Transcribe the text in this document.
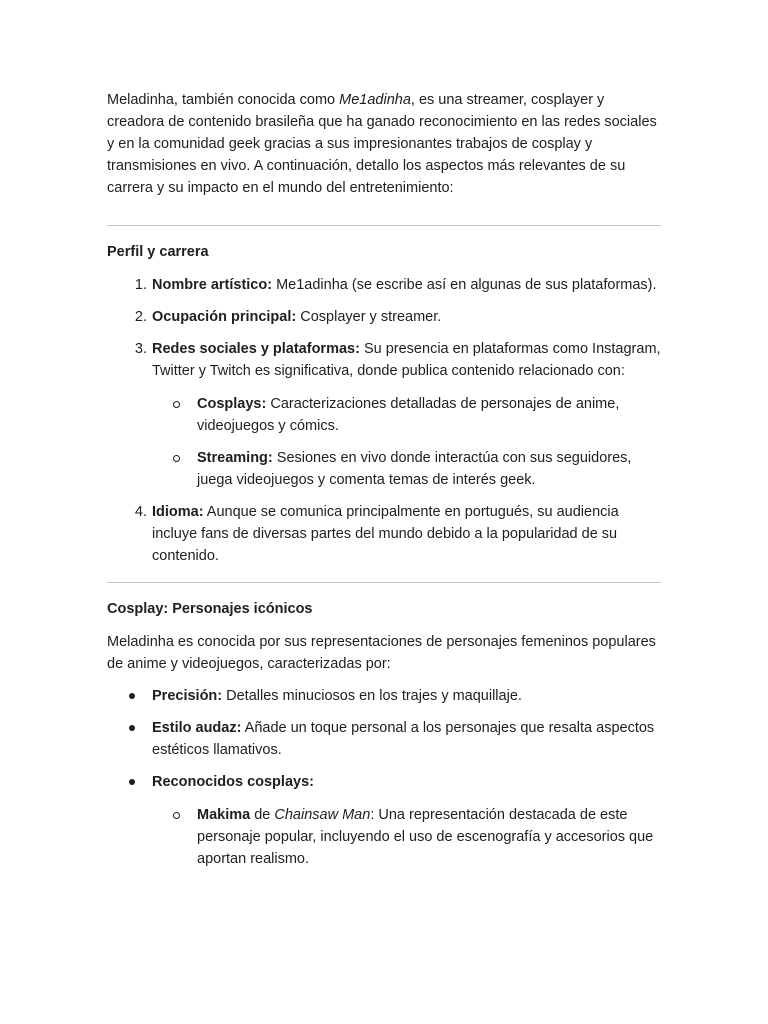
Meladinha, también conocida como Me1adinha, es una streamer, cosplayer y creadora de contenido brasileña que ha ganado reconocimiento en las redes sociales y en la comunidad geek gracias a sus impresionantes trabajos de cosplay y transmisiones en vivo. A continuación, detallo los aspectos más relevantes de su carrera y su impacto en el mundo del entretenimiento:

Perfil y carrera
1. Nombre artístico: Me1adinha (se escribe así en algunas de sus plataformas).
2. Ocupación principal: Cosplayer y streamer.
3. Redes sociales y plataformas: Su presencia en plataformas como Instagram, Twitter y Twitch es significativa, donde publica contenido relacionado con:
Cosplays: Caracterizaciones detalladas de personajes de anime, videojuegos y cómics.
Streaming: Sesiones en vivo donde interactúa con sus seguidores, juega videojuegos y comenta temas de interés geek.
4. Idioma: Aunque se comunica principalmente en portugués, su audiencia incluye fans de diversas partes del mundo debido a la popularidad de su contenido.
Cosplay: Personajes icónicos

Meladinha es conocida por sus representaciones de personajes femeninos populares de anime y videojuegos, caracterizadas por:

Precisión: Detalles minuciosos en los trajes y maquillaje.
Estilo audaz: Añade un toque personal a los personajes que resalta aspectos estéticos llamativos.
Reconocidos cosplays:
Makima de Chainsaw Man: Una representación destacada de este personaje popular, incluyendo el uso de escenografía y accesorios que aportan realismo.
